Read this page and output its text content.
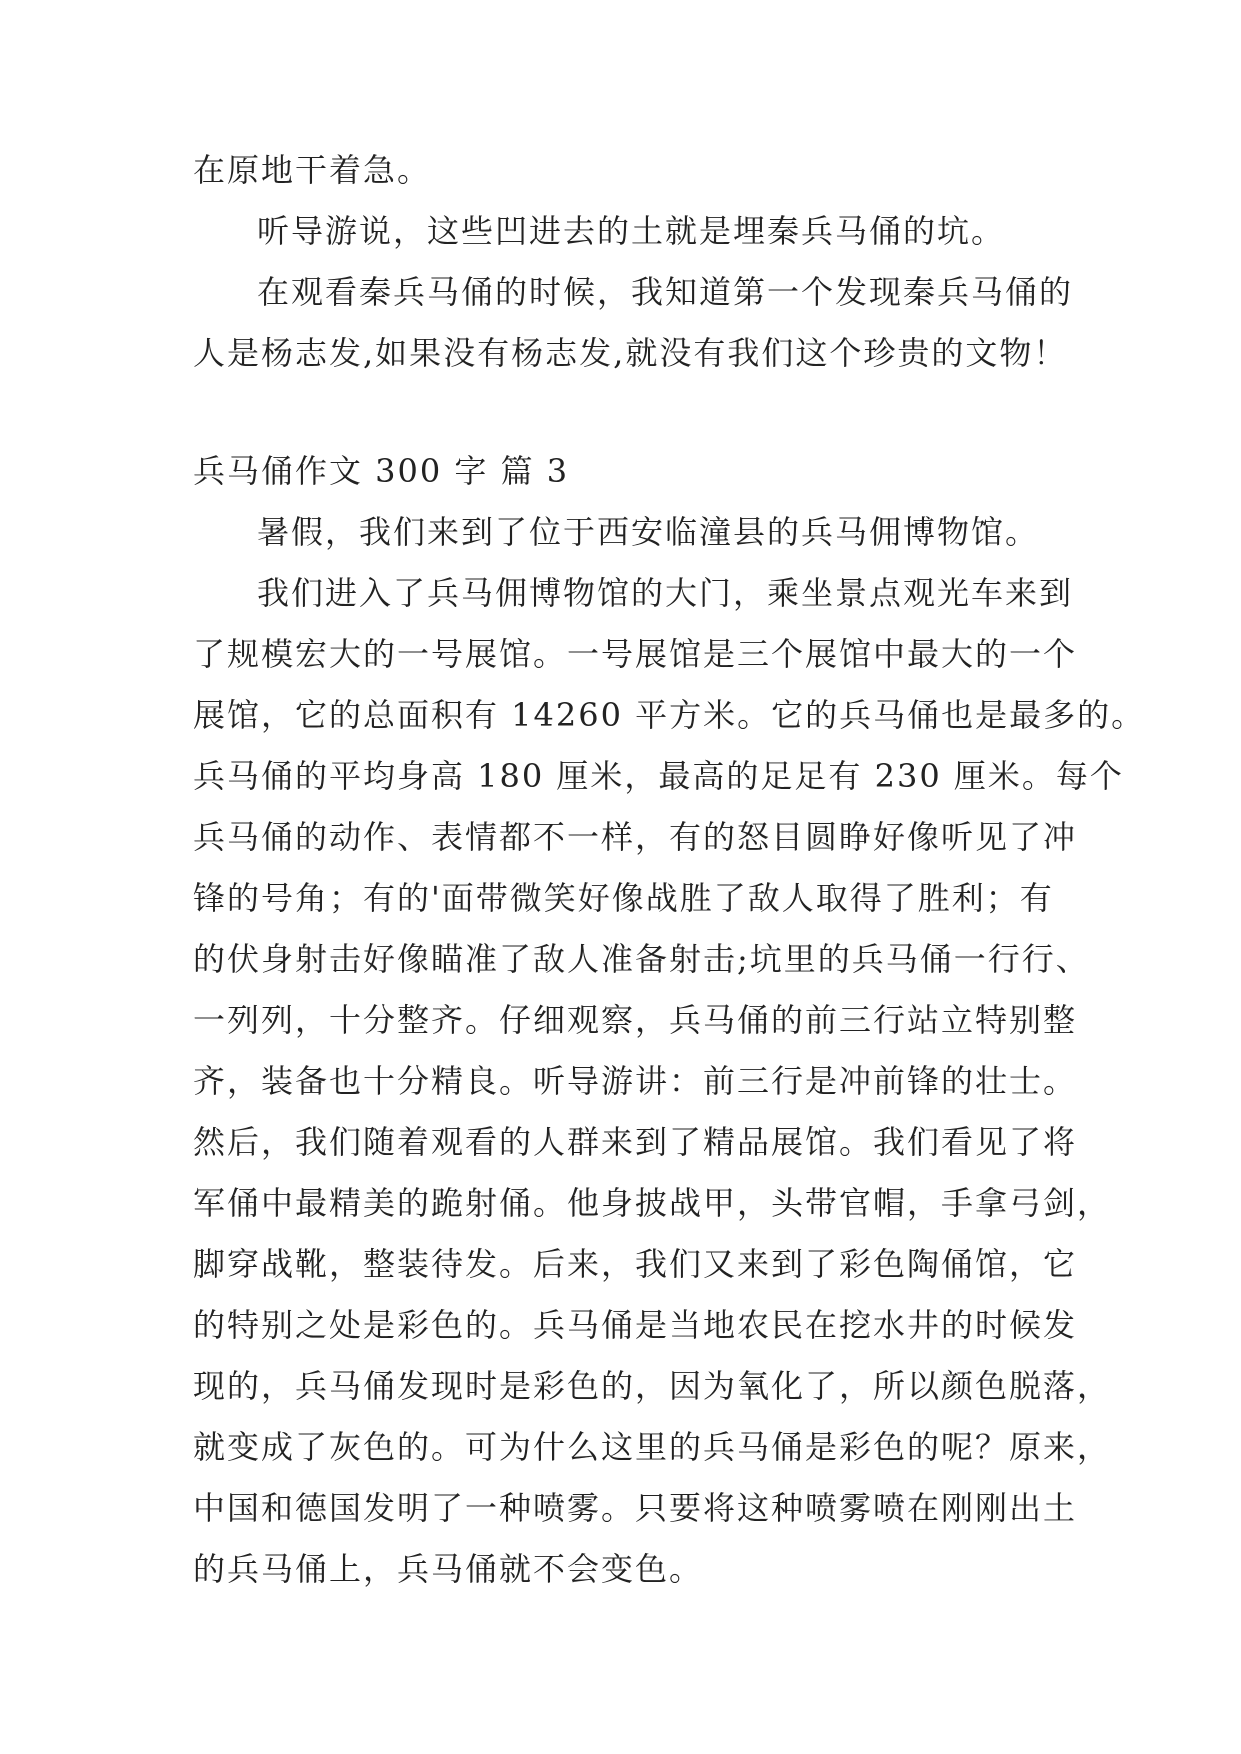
在原地干着急。
听导游说，这些凹进去的土就是埋秦兵马俑的坑。
在观看秦兵马俑的时候，我知道第一个发现秦兵马俑的
人是杨志发,如果没有杨志发,就没有我们这个珍贵的文物！
兵马俑作文 300 字 篇 3
暑假，我们来到了位于西安临潼县的兵马佣博物馆。
我们进入了兵马佣博物馆的大门，乘坐景点观光车来到
了规模宏大的一号展馆。一号展馆是三个展馆中最大的一个
展馆，它的总面积有 14260 平方米。它的兵马俑也是最多的。
兵马俑的平均身高 180 厘米，最高的足足有 230 厘米。每个
兵马俑的动作、表情都不一样，有的怒目圆睁好像听见了冲
锋的号角；有的'面带微笑好像战胜了敌人取得了胜利；有
的伏身射击好像瞄准了敌人准备射击;坑里的兵马俑一行行、
一列列，十分整齐。仔细观察，兵马俑的前三行站立特别整
齐，装备也十分精良。听导游讲：前三行是冲前锋的壮士。
然后，我们随着观看的人群来到了精品展馆。我们看见了将
军俑中最精美的跪射俑。他身披战甲，头带官帽，手拿弓剑，
脚穿战靴，整装待发。后来，我们又来到了彩色陶俑馆，它
的特别之处是彩色的。兵马俑是当地农民在挖水井的时候发
现的，兵马俑发现时是彩色的，因为氧化了，所以颜色脱落，
就变成了灰色的。可为什么这里的兵马俑是彩色的呢？原来，
中国和德国发明了一种喷雾。只要将这种喷雾喷在刚刚出土
的兵马俑上，兵马俑就不会变色。
